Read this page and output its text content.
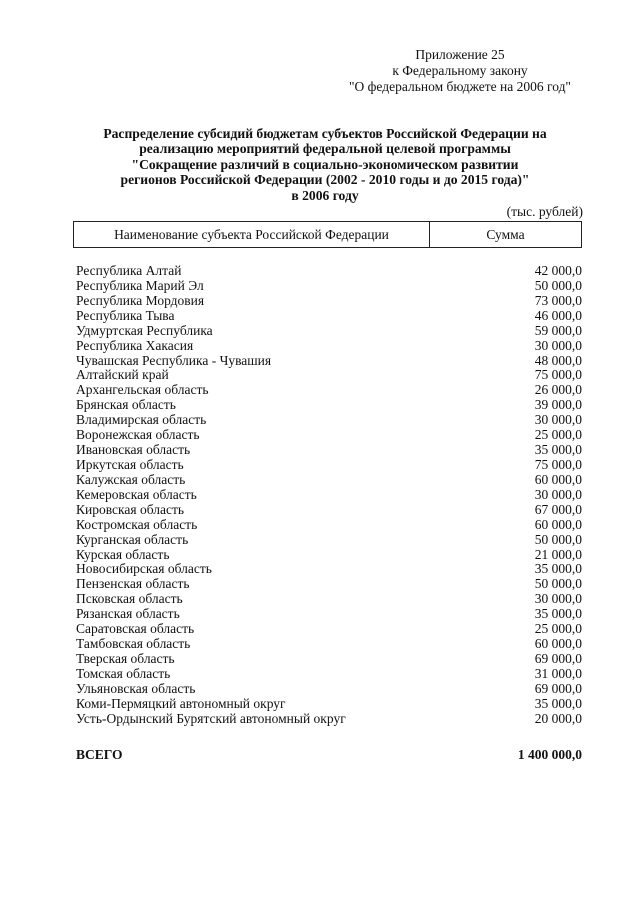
Приложение 25
к Федеральному закону
"О федеральном бюджете на 2006 год"
Распределение субсидий бюджетам субъектов Российской Федерации на
реализацию мероприятий федеральной целевой программы
"Сокращение различий в социально-экономическом развитии
регионов Российской Федерации (2002 - 2010 годы и до 2015 года)"
в 2006 году
(тыс. рублей)
Наименование субъекта Российской Федерации	Сумма
Республика Алтай	42 000,0
Республика Марий Эл	50 000,0
Республика Мордовия	73 000,0
Республика Тыва	46 000,0
Удмуртская Республика	59 000,0
Республика Хакасия	30 000,0
Чувашская Республика - Чувашия	48 000,0
Алтайский край	75 000,0
Архангельская область	26 000,0
Брянская область	39 000,0
Владимирская область	30 000,0
Воронежская область	25 000,0
Ивановская область	35 000,0
Иркутская область	75 000,0
Калужская область	60 000,0
Кемеровская область	30 000,0
Кировская область	67 000,0
Костромская область	60 000,0
Курганская область	50 000,0
Курская область	21 000,0
Новосибирская область	35 000,0
Пензенская область	50 000,0
Псковская область	30 000,0
Рязанская область	35 000,0
Саратовская область	25 000,0
Тамбовская область	60 000,0
Тверская область	69 000,0
Томская область	31 000,0
Ульяновская область	69 000,0
Коми-Пермяцкий автономный округ	35 000,0
Усть-Ордынский Бурятский автономный округ	20 000,0
ВСЕГО	1 400 000,0
